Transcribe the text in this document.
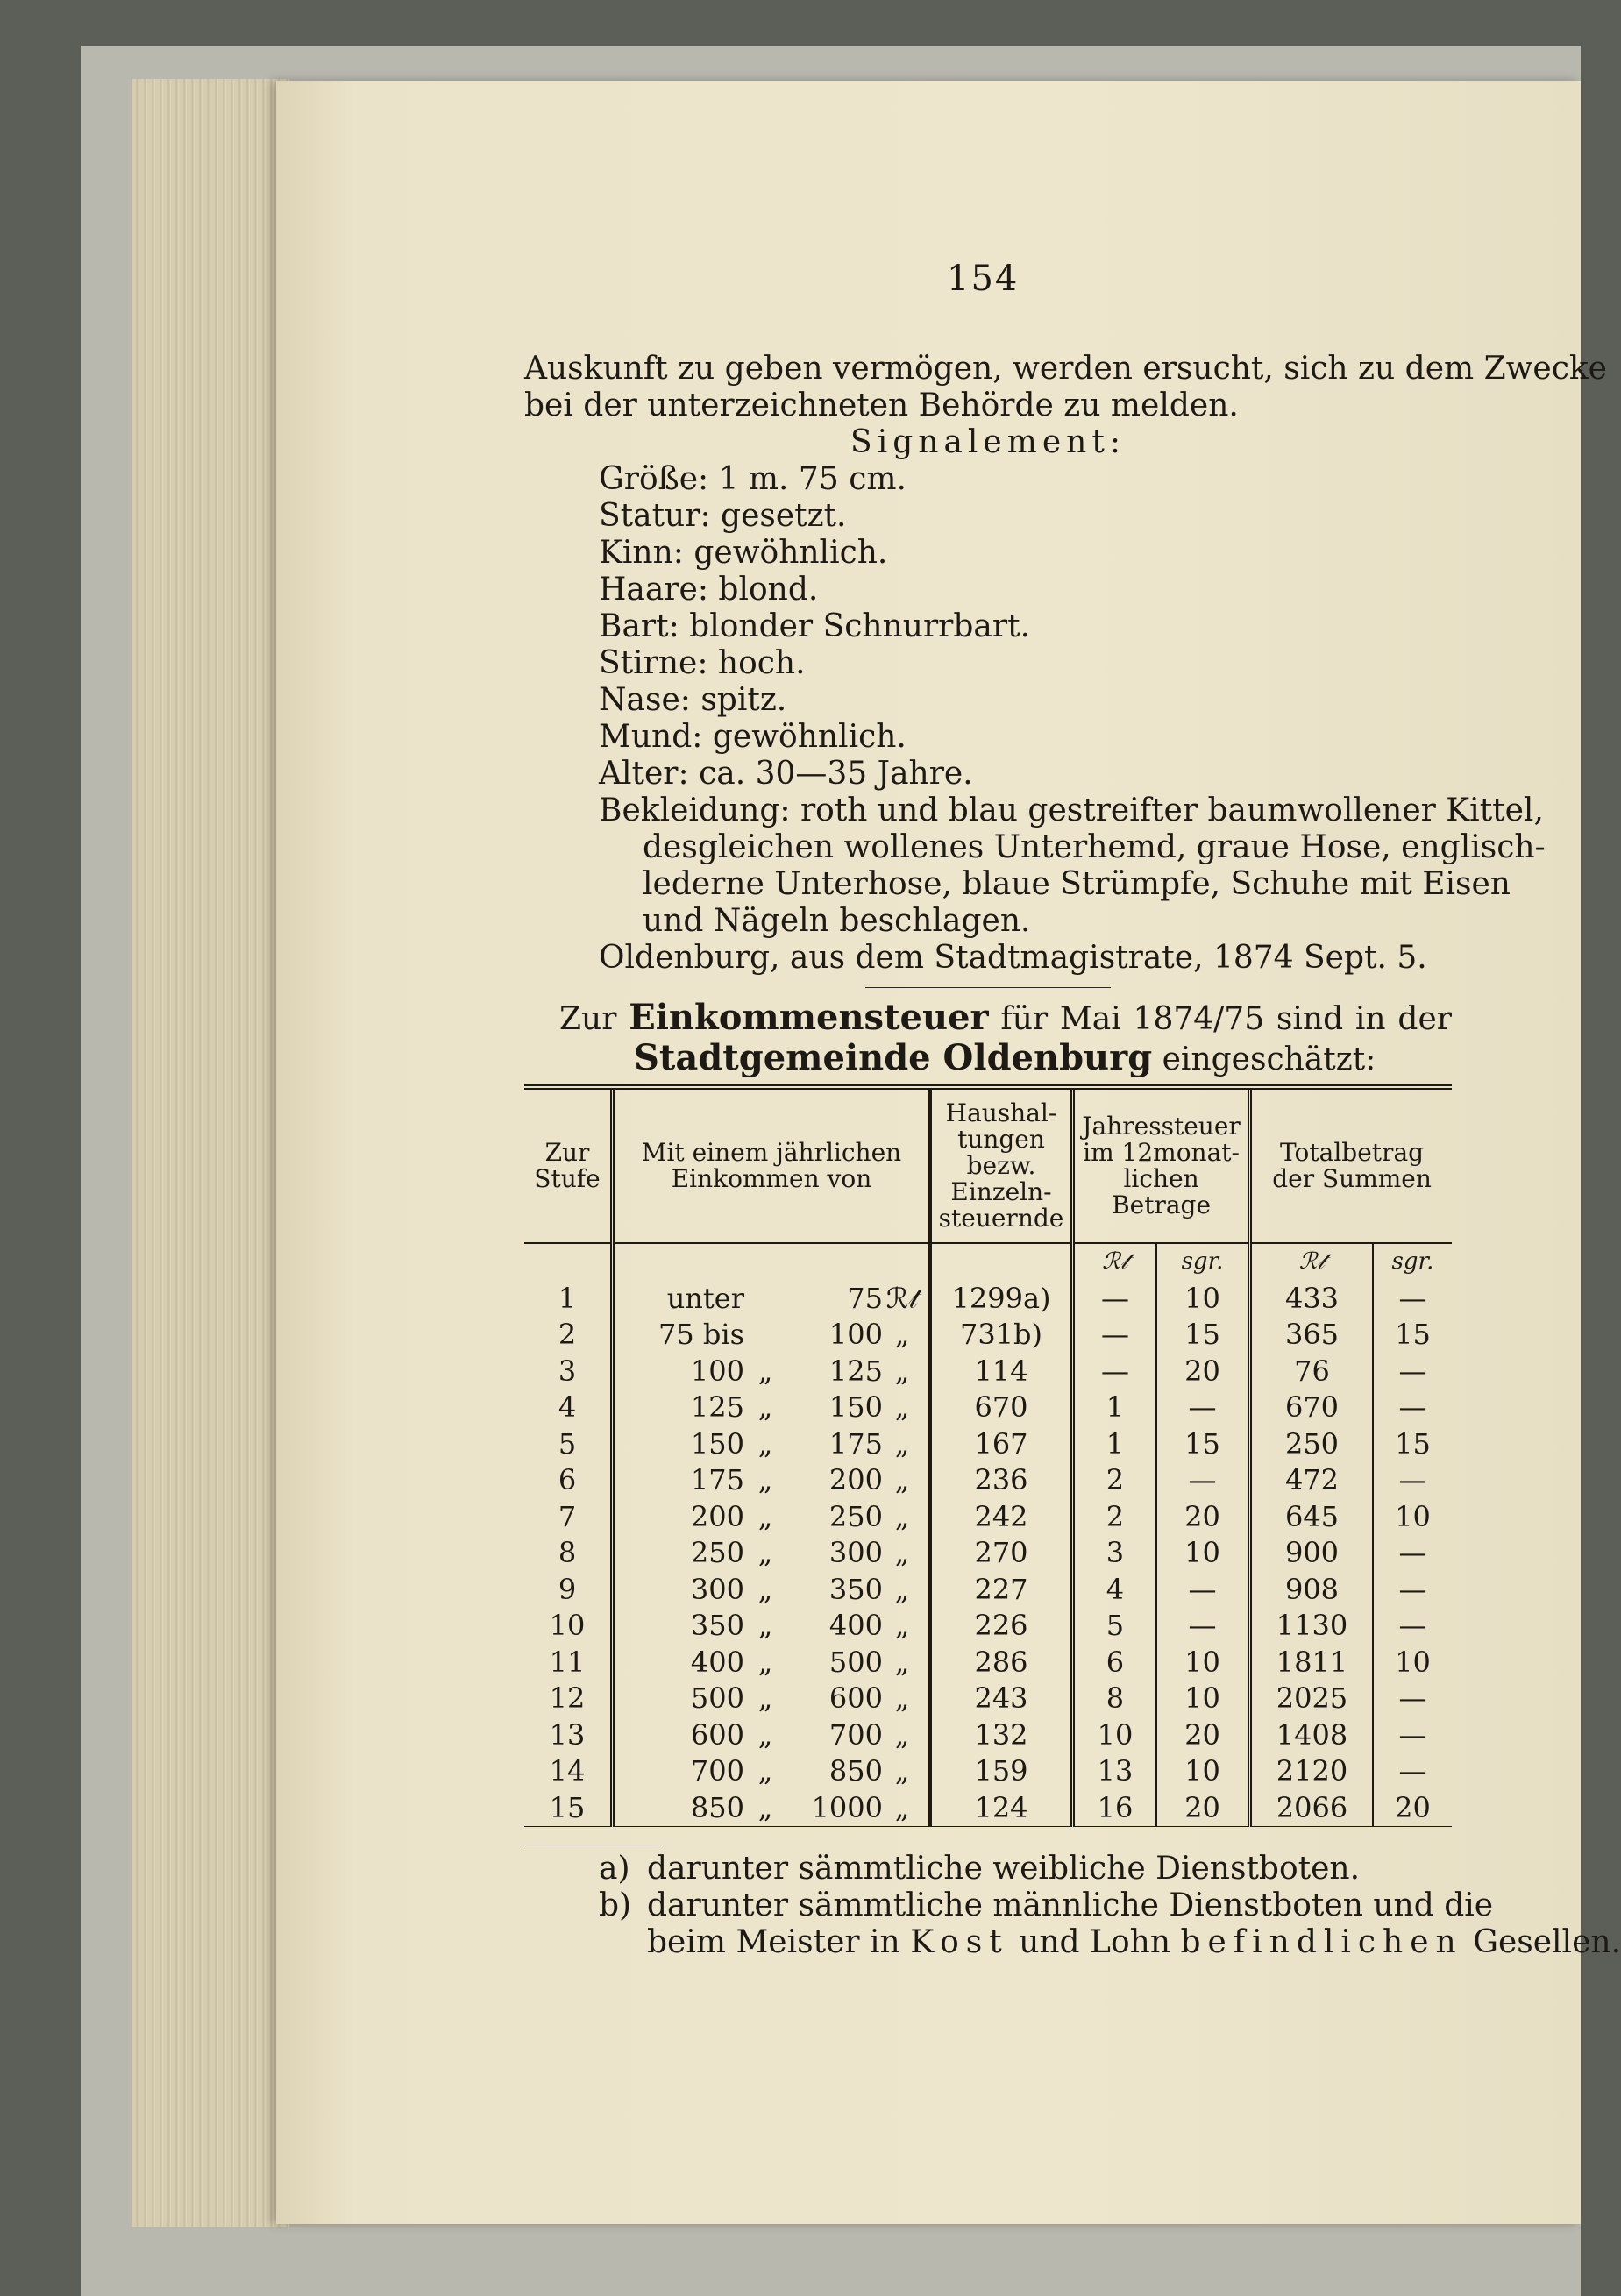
154

Auskunft zu geben vermögen, werden ersucht, sich zu dem Zwecke

bei der unterzeichneten Behörde zu melden.

Signalement:

Größe: 1 m. 75 cm.

Statur: gesetzt.

Kinn: gewöhnlich.

Haare: blond.

Bart: blonder Schnurrbart.

Stirne: hoch.

Nase: spitz.

Mund: gewöhnlich.

Alter: ca. 30—35 Jahre.

Bekleidung: roth und blau gestreifter baumwollener Kittel,

desgleichen wollenes Unterhemd, graue Hose, englisch-

lederne Unterhose, blaue Strümpfe, Schuhe mit Eisen

und Nägeln beschlagen.

Oldenburg, aus dem Stadtmagistrate, 1874 Sept. 5.

Zur Einkommensteuer für Mai 1874/75 sind in der

Stadtgemeinde Oldenburg eingeschätzt:

Zur Stufe	Mit einem jährlichen Einkommen von	Haushal-tungen bezw. Einzeln-steuernde	Jahressteuer im 12monat-lichen Betrage		Totalbetrag der Summen	
			ℛ𝓉	sgr.	ℛ𝓉	sgr.
1	unter 75 ℛ𝓉	1299a)	—	10	433	—
2	75 bis 100 „	731b)	—	15	365	15
3	100 „ 125 „	114	—	20	76	—
4	125 „ 150 „	670	1	—	670	—
5	150 „ 175 „	167	1	15	250	15
6	175 „ 200 „	236	2	—	472	—
7	200 „ 250 „	242	2	20	645	10
8	250 „ 300 „	270	3	10	900	—
9	300 „ 350 „	227	4	—	908	—
10	350 „ 400 „	226	5	—	1130	—
11	400 „ 500 „	286	6	10	1811	10
12	500 „ 600 „	243	8	10	2025	—
13	600 „ 700 „	132	10	20	1408	—
14	700 „ 850 „	159	13	10	2120	—
15	850 „ 1000 „	124	16	20	2066	20

a) darunter sämmtliche weibliche Dienstboten.

b) darunter sämmtliche männliche Dienstboten und die

beim Meister in Kost und Lohn befindlichen Gesellen.
